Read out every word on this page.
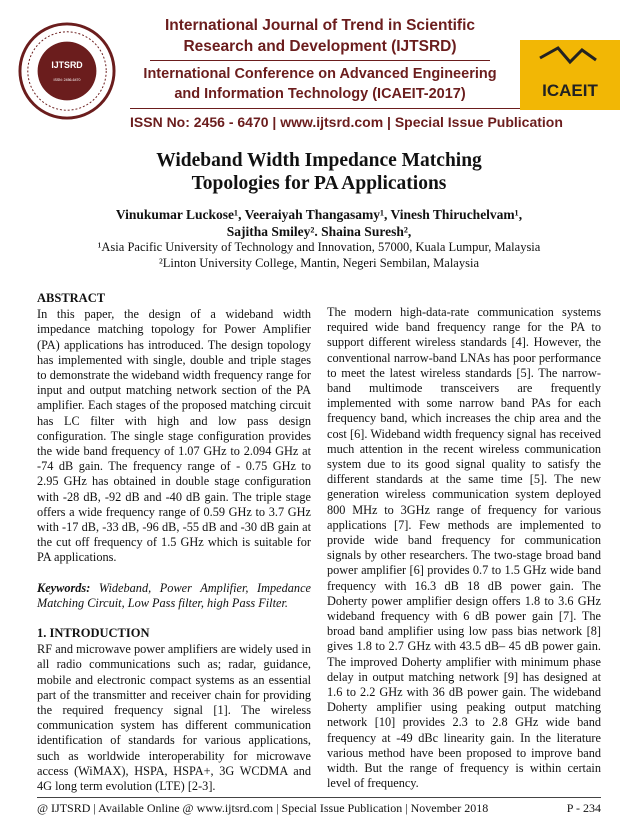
IJTSRD
ISSN: 2456-6470
International Journal of Trend in Scientific
Research and Development (IJTSRD)
International Conference on Advanced Engineering
and Information Technology (ICAEIT-2017)
ISSN No: 2456 - 6470 | www.ijtsrd.com | Special Issue Publication
ICAEIT
Wideband Width Impedance Matching
Topologies for PA Applications
Vinukumar Luckose¹, Veeraiyah Thangasamy¹, Vinesh Thiruchelvam¹,
Sajitha Smiley². Shaina Suresh²,
¹Asia Pacific University of Technology and Innovation, 57000, Kuala Lumpur, Malaysia
²Linton University College, Mantin, Negeri Sembilan, Malaysia
ABSTRACT
In this paper, the design of a wideband width impedance matching topology for Power Amplifier (PA) applications has introduced. The design topology has implemented with single, double and triple stages to demonstrate the wideband width frequency range for input and output matching network section of the PA amplifier. Each stages of the proposed matching circuit has LC filter with high and low pass design configuration. The single stage configuration provides the wide band frequency of 1.07 GHz to 2.094 GHz at -74 dB gain. The frequency range of - 0.75 GHz to 2.95 GHz has obtained in double stage configuration with -28 dB, -92 dB and -40 dB gain. The triple stage offers a wide frequency range of 0.59 GHz to 3.7 GHz with -17 dB, -33 dB, -96 dB, -55 dB and -30 dB gain at the cut off frequency of 1.5 GHz which is suitable for PA applications.
Keywords: Wideband, Power Amplifier, Impedance Matching Circuit, Low Pass filter, high Pass Filter.
1. INTRODUCTION
RF and microwave power amplifiers are widely used in all radio communications such as; radar, guidance, mobile and electronic compact systems as an essential part of the transmitter and receiver chain for providing the required frequency signal [1]. The wireless communication system has different communication identification of standards for various applications, such as worldwide interoperability for microwave access (WiMAX), HSPA, HSPA+, 3G WCDMA and 4G long term evolution (LTE) [2-3].
The modern high-data-rate communication systems required wide band frequency range for the PA to support different wireless standards [4]. However, the conventional narrow-band LNAs has poor performance to meet the latest wireless standards [5]. The narrow- band multimode transceivers are frequently implemented with some narrow band PAs for each frequency band, which increases the chip area and the cost [6]. Wideband width frequency signal has received much attention in the recent wireless communication system due to its good signal quality to satisfy the different standards at the same time [5]. The new generation wireless communication system deployed 800 MHz to 3GHz range of frequency for various applications [7]. Few methods are implemented to provide wide band frequency for communication signals by other researchers. The two-stage broad band power amplifier [6] provides 0.7 to 1.5 GHz wide band frequency with 16.3 dB 18 dB power gain. The Doherty power amplifier design offers 1.8 to 3.6 GHz wideband frequency with 6 dB power gain [7]. The broad band amplifier using low pass bias network [8] gives 1.8 to 2.7 GHz with 43.5 dB– 45 dB power gain. The improved Doherty amplifier with minimum phase delay in output matching network [9] has designed at 1.6 to 2.2 GHz with 36 dB power gain. The wideband Doherty amplifier using peaking output matching network [10] provides 2.3 to 2.8 GHz wide band frequency at -49 dBc linearity gain. In the literature various method have been proposed to improve band width. But the range of frequency is within certain level of frequency.
@ IJTSRD | Available Online @ www.ijtsrd.com | Special Issue Publication | November 2018	P - 234
